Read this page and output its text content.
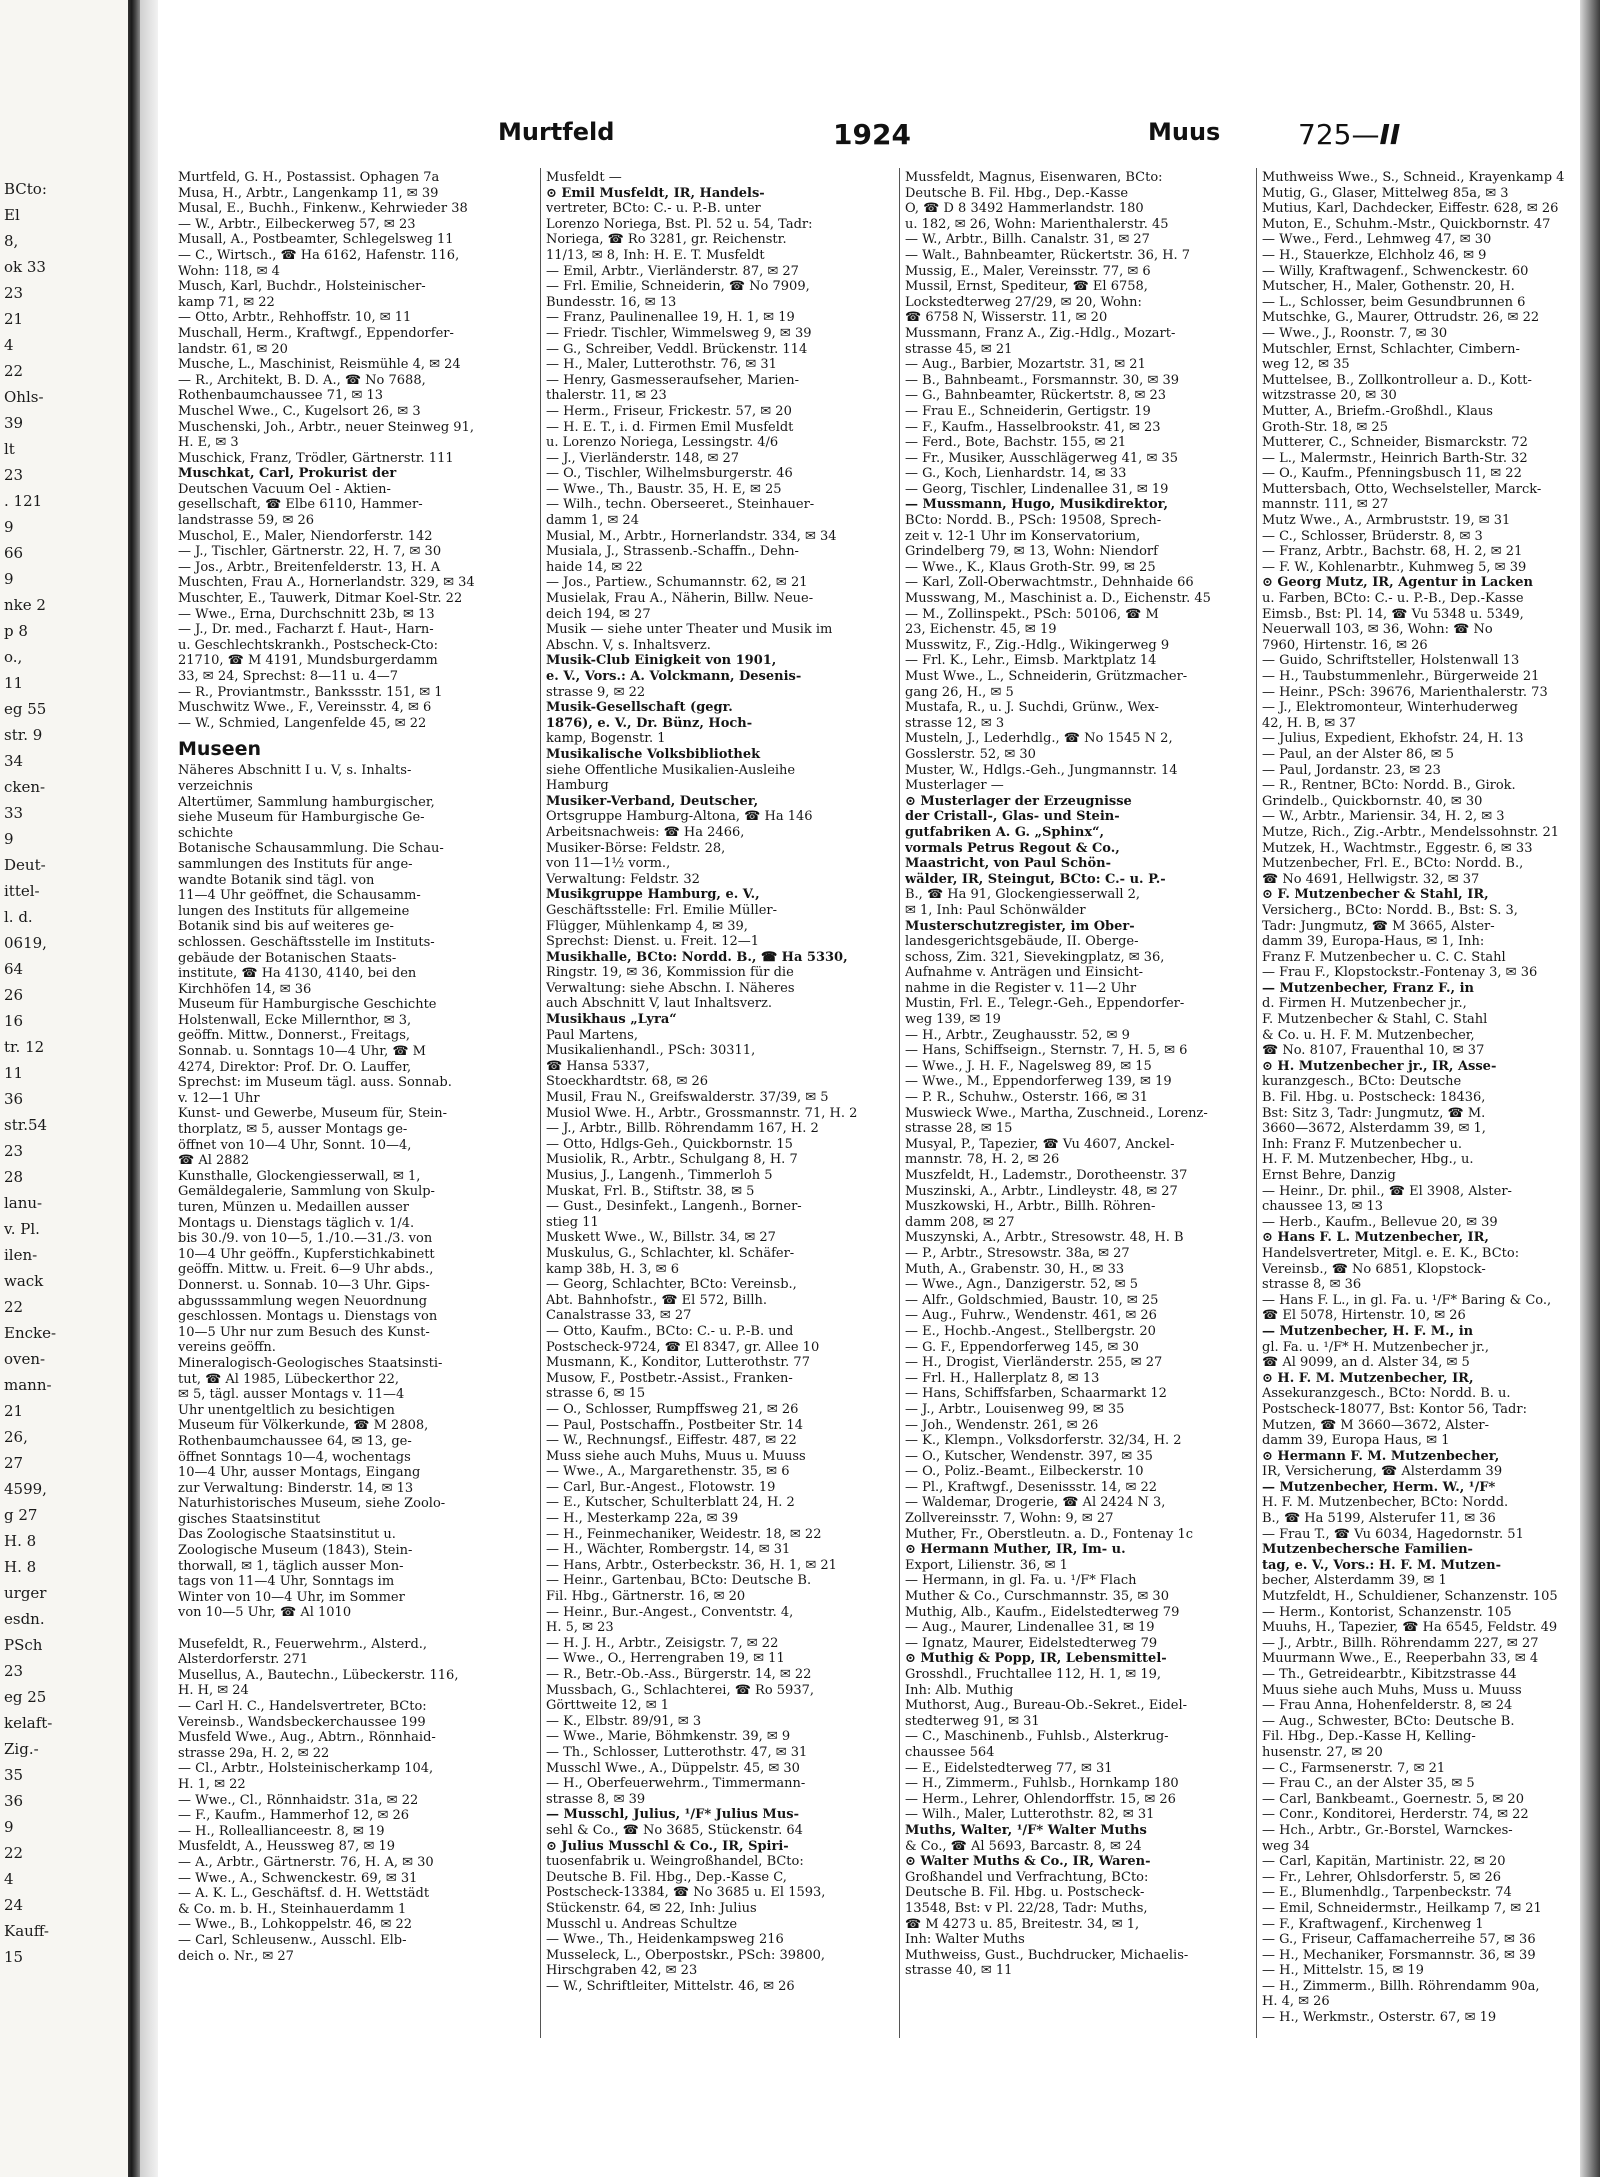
BCto:
El
8,
ok 33
23
21
4
22
Ohls-
39
lt
23
. 121
9
66
9
nke 2
p 8
o.,
11
eg 55
str. 9
34
cken-
33
9
Deut-
ittel-
l. d.
0619,
64
26
16
tr. 12
11
36
str.54
23
28
lanu-
v. Pl.
ilen-
wack
22
Encke-
oven-
mann-
21
26,
27
4599,
g 27
H. 8
H. 8
urger
esdn.
PSch
23
eg 25
kelaft-
Zig.-
35
36
9
22
4
24
Kauff-
15
Murtfeld	1924	Muus	725—II
Murtfeld, G. H., Postassist. Ophagen 7a
Musa, H., Arbtr., Langenkamp 11, ✉ 39
Musal, E., Buchh., Finkenw., Kehrwieder 38
— W., Arbtr., Eilbeckerweg 57, ✉ 23
Musall, A., Postbeamter, Schlegelsweg 11
— C., Wirtsch., ☎ Ha 6162, Hafenstr. 116,
Wohn: 118, ✉ 4
Musch, Karl, Buchdr., Holsteinischer-
kamp 71, ✉ 22
— Otto, Arbtr., Rehhoffstr. 10, ✉ 11
Muschall, Herm., Kraftwgf., Eppendorfer-
landstr. 61, ✉ 20
Musche, L., Maschinist, Reismühle 4, ✉ 24
— R., Architekt, B. D. A., ☎ No 7688,
Rothenbaumchaussee 71, ✉ 13
Muschel Wwe., C., Kugelsort 26, ✉ 3
Muschenski, Joh., Arbtr., neuer Steinweg 91,
H. E, ✉ 3
Muschick, Franz, Trödler, Gärtnerstr. 111
Muschkat, Carl, Prokurist der
Deutschen Vacuum Oel - Aktien-
gesellschaft, ☎ Elbe 6110, Hammer-
landstrasse 59, ✉ 26
Muschol, E., Maler, Niendorferstr. 142
— J., Tischler, Gärtnerstr. 22, H. 7, ✉ 30
— Jos., Arbtr., Breitenfelderstr. 13, H. A
Muschten, Frau A., Hornerlandstr. 329, ✉ 34
Muschter, E., Tauwerk, Ditmar Koel-Str. 22
— Wwe., Erna, Durchschnitt 23b, ✉ 13
— J., Dr. med., Facharzt f. Haut-, Harn-
u. Geschlechtskrankh., Postscheck-Cto:
21710, ☎ M 4191, Mundsburgerdamm
33, ✉ 24, Sprechst: 8—11 u. 4—7
— R., Proviantmstr., Bankssstr. 151, ✉ 1
Muschwitz Wwe., F., Vereinsstr. 4, ✉ 6
— W., Schmied, Langenfelde 45, ✉ 22
Museen
Näheres Abschnitt I u. V, s. Inhalts-
verzeichnis
Altertümer, Sammlung hamburgischer,
siehe Museum für Hamburgische Ge-
schichte
Botanische Schausammlung. Die Schau-
sammlungen des Instituts für ange-
wandte Botanik sind tägl. von
11—4 Uhr geöffnet, die Schausamm-
lungen des Instituts für allgemeine
Botanik sind bis auf weiteres ge-
schlossen. Geschäftsstelle im Instituts-
gebäude der Botanischen Staats-
institute, ☎ Ha 4130, 4140, bei den
Kirchhöfen 14, ✉ 36
Museum für Hamburgische Geschichte
Holstenwall, Ecke Millernthor, ✉ 3,
geöffn. Mittw., Donnerst., Freitags,
Sonnab. u. Sonntags 10—4 Uhr, ☎ M
4274, Direktor: Prof. Dr. O. Lauffer,
Sprechst: im Museum tägl. auss. Sonnab.
v. 12—1 Uhr
Kunst- und Gewerbe, Museum für, Stein-
thorplatz, ✉ 5, ausser Montags ge-
öffnet von 10—4 Uhr, Sonnt. 10—4,
☎ Al 2882
Kunsthalle, Glockengiesserwall, ✉ 1,
Gemäldegalerie, Sammlung von Skulp-
turen, Münzen u. Medaillen ausser
Montags u. Dienstags täglich v. 1/4.
bis 30./9. von 10—5, 1./10.—31./3. von
10—4 Uhr geöffn., Kupferstichkabinett
geöffn. Mittw. u. Freit. 6—9 Uhr abds.,
Donnerst. u. Sonnab. 10—3 Uhr. Gips-
abgusssammlung wegen Neuordnung
geschlossen. Montags u. Dienstags von
10—5 Uhr nur zum Besuch des Kunst-
vereins geöffn.
Mineralogisch-Geologisches Staatsinsti-
tut, ☎ Al 1985, Lübeckerthor 22,
✉ 5, tägl. ausser Montags v. 11—4
Uhr unentgeltlich zu besichtigen
Museum für Völkerkunde, ☎ M 2808,
Rothenbaumchaussee 64, ✉ 13, ge-
öffnet Sonntags 10—4, wochentags
10—4 Uhr, ausser Montags, Eingang
zur Verwaltung: Binderstr. 14, ✉ 13
Naturhistorisches Museum, siehe Zoolo-
gisches Staatsinstitut
Das Zoologische Staatsinstitut u.
Zoologische Museum (1843), Stein-
thorwall, ✉ 1, täglich ausser Mon-
tags von 11—4 Uhr, Sonntags im
Winter von 10—4 Uhr, im Sommer
von 10—5 Uhr, ☎ Al 1010
Musefeldt, R., Feuerwehrm., Alsterd.,
Alsterdorferstr. 271
Musellus, A., Bautechn., Lübeckerstr. 116,
H. H, ✉ 24
— Carl H. C., Handelsvertreter, BCto:
Vereinsb., Wandsbeckerchaussee 199
Musfeld Wwe., Aug., Abtrn., Rönnhaid-
strasse 29a, H. 2, ✉ 22
— Cl., Arbtr., Holsteinischerkamp 104,
H. 1, ✉ 22
— Wwe., Cl., Rönnhaidstr. 31a, ✉ 22
— F., Kaufm., Hammerhof 12, ✉ 26
— H., Rolleallianceestr. 8, ✉ 19
Musfeldt, A., Heussweg 87, ✉ 19
— A., Arbtr., Gärtnerstr. 76, H. A, ✉ 30
— Wwe., A., Schwenckestr. 69, ✉ 31
— A. K. L., Geschäftsf. d. H. Wettstädt
& Co. m. b. H., Steinhauerdamm 1
— Wwe., B., Lohkoppelstr. 46, ✉ 22
— Carl, Schleusenw., Ausschl. Elb-
deich o. Nr., ✉ 27
Musfeldt —
⊙ Emil Musfeldt, IR, Handels-
vertreter, BCto: C.- u. P.-B. unter
Lorenzo Noriega, Bst. Pl. 52 u. 54, Tadr:
Noriega, ☎ Ro 3281, gr. Reichenstr.
11/13, ✉ 8, Inh: H. E. T. Musfeldt
— Emil, Arbtr., Vierländerstr. 87, ✉ 27
— Frl. Emilie, Schneiderin, ☎ No 7909,
Bundesstr. 16, ✉ 13
— Franz, Paulinenallee 19, H. 1, ✉ 19
— Friedr. Tischler, Wimmelsweg 9, ✉ 39
— G., Schreiber, Veddl. Brückenstr. 114
— H., Maler, Lutterothstr. 76, ✉ 31
— Henry, Gasmesseraufseher, Marien-
thalerstr. 11, ✉ 23
— Herm., Friseur, Frickestr. 57, ✉ 20
— H. E. T., i. d. Firmen Emil Musfeldt
u. Lorenzo Noriega, Lessingstr. 4/6
— J., Vierländerstr. 148, ✉ 27
— O., Tischler, Wilhelmsburgerstr. 46
— Wwe., Th., Baustr. 35, H. E, ✉ 25
— Wilh., techn. Oberseeret., Steinhauer-
damm 1, ✉ 24
Musial, M., Arbtr., Hornerlandstr. 334, ✉ 34
Musiala, J., Strassenb.-Schaffn., Dehn-
haide 14, ✉ 22
— Jos., Partiew., Schumannstr. 62, ✉ 21
Musielak, Frau A., Näherin, Billw. Neue-
deich 194, ✉ 27
Musik — siehe unter Theater und Musik im
Abschn. V, s. Inhaltsverz.
Musik-Club Einigkeit von 1901,
e. V., Vors.: A. Volckmann, Desenis-
strasse 9, ✉ 22
Musik-Gesellschaft (gegr.
1876), e. V., Dr. Bünz, Hoch-
kamp, Bogenstr. 1
Musikalische Volksbibliothek
siehe Öffentliche Musikalien-Ausleihe
Hamburg
Musiker-Verband, Deutscher,
Ortsgruppe Hamburg-Altona, ☎ Ha 146
Arbeitsnachweis: ☎ Ha 2466,
Musiker-Börse: Feldstr. 28,
von 11—1½ vorm.,
Verwaltung: Feldstr. 32
Musikgruppe Hamburg, e. V.,
Geschäftsstelle: Frl. Emilie Müller-
Flügger, Mühlenkamp 4, ✉ 39,
Sprechst: Dienst. u. Freit. 12—1
Musikhalle, BCto: Nordd. B., ☎ Ha 5330,
Ringstr. 19, ✉ 36, Kommission für die
Verwaltung: siehe Abschn. I. Näheres
auch Abschnitt V, laut Inhaltsverz.
Musikhaus „Lyra“
Paul Martens,
Musikalienhandl., PSch: 30311,
☎ Hansa 5337,
Stoeckhardtstr. 68, ✉ 26
Musil, Frau N., Greifswalderstr. 37/39, ✉ 5
Musiol Wwe. H., Arbtr., Grossmannstr. 71, H. 2
— J., Arbtr., Billb. Röhrendamm 167, H. 2
— Otto, Hdlgs-Geh., Quickbornstr. 15
Musiolik, R., Arbtr., Schulgang 8, H. 7
Musius, J., Langenh., Timmerloh 5
Muskat, Frl. B., Stiftstr. 38, ✉ 5
— Gust., Desinfekt., Langenh., Borner-
stieg 11
Muskett Wwe., W., Billstr. 34, ✉ 27
Muskulus, G., Schlachter, kl. Schäfer-
kamp 38b, H. 3, ✉ 6
— Georg, Schlachter, BCto: Vereinsb.,
Abt. Bahnhofstr., ☎ El 572, Billh.
Canalstrasse 33, ✉ 27
— Otto, Kaufm., BCto: C.- u. P.-B. und
Postscheck-9724, ☎ El 8347, gr. Allee 10
Musmann, K., Konditor, Lutterothstr. 77
Musow, F., Postbetr.-Assist., Franken-
strasse 6, ✉ 15
— O., Schlosser, Rumpffsweg 21, ✉ 26
— Paul, Postschaffn., Postbeiter Str. 14
— W., Rechnungsf., Eiffestr. 487, ✉ 22
Muss siehe auch Muhs, Muus u. Muuss
— Wwe., A., Margarethenstr. 35, ✉ 6
— Carl, Bur.-Angest., Flotowstr. 19
— E., Kutscher, Schulterblatt 24, H. 2
— H., Mesterkamp 22a, ✉ 39
— H., Feinmechaniker, Weidestr. 18, ✉ 22
— H., Wächter, Rombergstr. 14, ✉ 31
— Hans, Arbtr., Osterbeckstr. 36, H. 1, ✉ 21
— Heinr., Gartenbau, BCto: Deutsche B.
Fil. Hbg., Gärtnerstr. 16, ✉ 20
— Heinr., Bur.-Angest., Conventstr. 4,
H. 5, ✉ 23
— H. J. H., Arbtr., Zeisigstr. 7, ✉ 22
— Wwe., O., Herrengraben 19, ✉ 11
— R., Betr.-Ob.-Ass., Bürgerstr. 14, ✉ 22
Mussbach, G., Schlachterei, ☎ Ro 5937,
Görttweite 12, ✉ 1
— K., Elbstr. 89/91, ✉ 3
— Wwe., Marie, Böhmkenstr. 39, ✉ 9
— Th., Schlosser, Lutterothstr. 47, ✉ 31
Musschl Wwe., A., Düppelstr. 45, ✉ 30
— H., Oberfeuerwehrm., Timmermann-
strasse 8, ✉ 39
— Musschl, Julius, ¹/F* Julius Mus-
sehl & Co., ☎ No 3685, Stückenstr. 64
⊙ Julius Musschl & Co., IR, Spiri-
tuosenfabrik u. Weingroßhandel, BCto:
Deutsche B. Fil. Hbg., Dep.-Kasse C,
Postscheck-13384, ☎ No 3685 u. El 1593,
Stückenstr. 64, ✉ 22, Inh: Julius
Musschl u. Andreas Schultze
— Wwe., Th., Heidenkampsweg 216
Musseleck, L., Oberpostskr., PSch: 39800,
Hirschgraben 42, ✉ 23
— W., Schriftleiter, Mittelstr. 46, ✉ 26
Mussfeldt, Magnus, Eisenwaren, BCto:
Deutsche B. Fil. Hbg., Dep.-Kasse
O, ☎ D 8 3492 Hammerlandstr. 180
u. 182, ✉ 26, Wohn: Marienthalerstr. 45
— W., Arbtr., Billh. Canalstr. 31, ✉ 27
— Walt., Bahnbeamter, Rückertstr. 36, H. 7
Mussig, E., Maler, Vereinsstr. 77, ✉ 6
Mussil, Ernst, Spediteur, ☎ El 6758,
Lockstedterweg 27/29, ✉ 20, Wohn:
☎ 6758 N, Wisserstr. 11, ✉ 20
Mussmann, Franz A., Zig.-Hdlg., Mozart-
strasse 45, ✉ 21
— Aug., Barbier, Mozartstr. 31, ✉ 21
— B., Bahnbeamt., Forsmannstr. 30, ✉ 39
— G., Bahnbeamter, Rückertstr. 8, ✉ 23
— Frau E., Schneiderin, Gertigstr. 19
— F., Kaufm., Hasselbrookstr. 41, ✉ 23
— Ferd., Bote, Bachstr. 155, ✉ 21
— Fr., Musiker, Ausschlägerweg 41, ✉ 35
— G., Koch, Lienhardstr. 14, ✉ 33
— Georg, Tischler, Lindenallee 31, ✉ 19
— Mussmann, Hugo, Musikdirektor,
BCto: Nordd. B., PSch: 19508, Sprech-
zeit v. 12-1 Uhr im Konservatorium,
Grindelberg 79, ✉ 13, Wohn: Niendorf
— Wwe., K., Klaus Groth-Str. 99, ✉ 25
— Karl, Zoll-Oberwachtmstr., Dehnhaide 66
Musswang, M., Maschinist a. D., Eichenstr. 45
— M., Zollinspekt., PSch: 50106, ☎ M
23, Eichenstr. 45, ✉ 19
Musswitz, F., Zig.-Hdlg., Wikingerweg 9
— Frl. K., Lehr., Eimsb. Marktplatz 14
Must Wwe., L., Schneiderin, Grützmacher-
gang 26, H., ✉ 5
Mustafa, R., u. J. Suchdi, Grünw., Wex-
strasse 12, ✉ 3
Musteln, J., Lederhdlg., ☎ No 1545 N 2,
Gosslerstr. 52, ✉ 30
Muster, W., Hdlgs.-Geh., Jungmannstr. 14
Musterlager —
⊙ Musterlager der Erzeugnisse
der Cristall-, Glas- und Stein-
gutfabriken A. G. „Sphinx“,
vormals Petrus Regout & Co.,
Maastricht, von Paul Schön-
wälder, IR, Steingut, BCto: C.- u. P.-
B., ☎ Ha 91, Glockengiesserwall 2,
✉ 1, Inh: Paul Schönwälder
Musterschutzregister, im Ober-
landesgerichtsgebäude, II. Oberge-
schoss, Zim. 321, Sievekingplatz, ✉ 36,
Aufnahme v. Anträgen und Einsicht-
nahme in die Register v. 11—2 Uhr
Mustin, Frl. E., Telegr.-Geh., Eppendorfer-
weg 139, ✉ 19
— H., Arbtr., Zeughausstr. 52, ✉ 9
— Hans, Schiffseign., Sternstr. 7, H. 5, ✉ 6
— Wwe., J. H. F., Nagelsweg 89, ✉ 15
— Wwe., M., Eppendorferweg 139, ✉ 19
— P. R., Schuhw., Osterstr. 166, ✉ 31
Muswieck Wwe., Martha, Zuschneid., Lorenz-
strasse 28, ✉ 15
Musyal, P., Tapezier, ☎ Vu 4607, Anckel-
mannstr. 78, H. 2, ✉ 26
Muszfeldt, H., Lademstr., Dorotheenstr. 37
Muszinski, A., Arbtr., Lindleystr. 48, ✉ 27
Muszkowski, H., Arbtr., Billh. Röhren-
damm 208, ✉ 27
Muszynski, A., Arbtr., Stresowstr. 48, H. B
— P., Arbtr., Stresowstr. 38a, ✉ 27
Muth, A., Grabenstr. 30, H., ✉ 33
— Wwe., Agn., Danzigerstr. 52, ✉ 5
— Alfr., Goldschmied, Baustr. 10, ✉ 25
— Aug., Fuhrw., Wendenstr. 461, ✉ 26
— E., Hochb.-Angest., Stellbergstr. 20
— G. F., Eppendorferweg 145, ✉ 30
— H., Drogist, Vierländerstr. 255, ✉ 27
— Frl. H., Hallerplatz 8, ✉ 13
— Hans, Schiffsfarben, Schaarmarkt 12
— J., Arbtr., Louisenweg 99, ✉ 35
— Joh., Wendenstr. 261, ✉ 26
— K., Klempn., Volksdorferstr. 32/34, H. 2
— O., Kutscher, Wendenstr. 397, ✉ 35
— O., Poliz.-Beamt., Eilbeckerstr. 10
— Pl., Kraftwgf., Desenissstr. 14, ✉ 22
— Waldemar, Drogerie, ☎ Al 2424 N 3,
Zollvereinsstr. 7, Wohn: 9, ✉ 27
Muther, Fr., Oberstleutn. a. D., Fontenay 1c
⊙ Hermann Muther, IR, Im- u.
Export, Lilienstr. 36, ✉ 1
— Hermann, in gl. Fa. u. ¹/F* Flach
Muther & Co., Curschmannstr. 35, ✉ 30
Muthig, Alb., Kaufm., Eidelstedterweg 79
— Aug., Maurer, Lindenallee 31, ✉ 19
— Ignatz, Maurer, Eidelstedterweg 79
⊙ Muthig & Popp, IR, Lebensmittel-
Grosshdl., Fruchtallee 112, H. 1, ✉ 19,
Inh: Alb. Muthig
Muthorst, Aug., Bureau-Ob.-Sekret., Eidel-
stedterweg 91, ✉ 31
— C., Maschinenb., Fuhlsb., Alsterkrug-
chaussee 564
— E., Eidelstedterweg 77, ✉ 31
— H., Zimmerm., Fuhlsb., Hornkamp 180
— Herm., Lehrer, Ohlendorffstr. 15, ✉ 26
— Wilh., Maler, Lutterothstr. 82, ✉ 31
Muths, Walter, ¹/F* Walter Muths
& Co., ☎ Al 5693, Barcastr. 8, ✉ 24
⊙ Walter Muths & Co., IR, Waren-
Großhandel und Verfrachtung, BCto:
Deutsche B. Fil. Hbg. u. Postscheck-
13548, Bst: v Pl. 22/28, Tadr: Muths,
☎ M 4273 u. 85, Breitestr. 34, ✉ 1,
Inh: Walter Muths
Muthweiss, Gust., Buchdrucker, Michaelis-
strasse 40, ✉ 11
Muthweiss Wwe., S., Schneid., Krayenkamp 4
Mutig, G., Glaser, Mittelweg 85a, ✉ 3
Mutius, Karl, Dachdecker, Eiffestr. 628, ✉ 26
Muton, E., Schuhm.-Mstr., Quickbornstr. 47
— Wwe., Ferd., Lehmweg 47, ✉ 30
— H., Stauerkze, Elchholz 46, ✉ 9
— Willy, Kraftwagenf., Schwenckestr. 60
Mutscher, H., Maler, Gothenstr. 20, H.
— L., Schlosser, beim Gesundbrunnen 6
Mutschke, G., Maurer, Ottrudstr. 26, ✉ 22
— Wwe., J., Roonstr. 7, ✉ 30
Mutschler, Ernst, Schlachter, Cimbern-
weg 12, ✉ 35
Muttelsee, B., Zollkontrolleur a. D., Kott-
witzstrasse 20, ✉ 30
Mutter, A., Briefm.-Großhdl., Klaus
Groth-Str. 18, ✉ 25
Mutterer, C., Schneider, Bismarckstr. 72
— L., Malermstr., Heinrich Barth-Str. 32
— O., Kaufm., Pfenningsbusch 11, ✉ 22
Muttersbach, Otto, Wechselsteller, Marck-
mannstr. 111, ✉ 27
Mutz Wwe., A., Armbruststr. 19, ✉ 31
— C., Schlosser, Brüderstr. 8, ✉ 3
— Franz, Arbtr., Bachstr. 68, H. 2, ✉ 21
— F. W., Kohlenarbtr., Kuhmweg 5, ✉ 39
⊙ Georg Mutz, IR, Agentur in Lacken
u. Farben, BCto: C.- u. P.-B., Dep.-Kasse
Eimsb., Bst: Pl. 14, ☎ Vu 5348 u. 5349,
Neuerwall 103, ✉ 36, Wohn: ☎ No
7960, Hirtenstr. 16, ✉ 26
— Guido, Schriftsteller, Holstenwall 13
— H., Taubstummenlehr., Bürgerweide 21
— Heinr., PSch: 39676, Marienthalerstr. 73
— J., Elektromonteur, Winterhuderweg
42, H. B, ✉ 37
— Julius, Expedient, Ekhofstr. 24, H. 13
— Paul, an der Alster 86, ✉ 5
— Paul, Jordanstr. 23, ✉ 23
— R., Rentner, BCto: Nordd. B., Girok.
Grindelb., Quickbornstr. 40, ✉ 30
— W., Arbtr., Mariensir. 34, H. 2, ✉ 3
Mutze, Rich., Zig.-Arbtr., Mendelssohnstr. 21
Mutzek, H., Wachtmstr., Eggestr. 6, ✉ 33
Mutzenbecher, Frl. E., BCto: Nordd. B.,
☎ No 4691, Hellwigstr. 32, ✉ 37
⊙ F. Mutzenbecher & Stahl, IR,
Versicherg., BCto: Nordd. B., Bst: S. 3,
Tadr: Jungmutz, ☎ M 3665, Alster-
damm 39, Europa-Haus, ✉ 1, Inh:
Franz F. Mutzenbecher u. C. C. Stahl
— Frau F., Klopstockstr.-Fontenay 3, ✉ 36
— Mutzenbecher, Franz F., in
d. Firmen H. Mutzenbecher jr.,
F. Mutzenbecher & Stahl, C. Stahl
& Co. u. H. F. M. Mutzenbecher,
☎ No. 8107, Frauenthal 10, ✉ 37
⊙ H. Mutzenbecher jr., IR, Asse-
kuranzgesch., BCto: Deutsche
B. Fil. Hbg. u. Postscheck: 18436,
Bst: Sitz 3, Tadr: Jungmutz, ☎ M.
3660—3672, Alsterdamm 39, ✉ 1,
Inh: Franz F. Mutzenbecher u.
H. F. M. Mutzenbecher, Hbg., u.
Ernst Behre, Danzig
— Heinr., Dr. phil., ☎ El 3908, Alster-
chaussee 13, ✉ 13
— Herb., Kaufm., Bellevue 20, ✉ 39
⊙ Hans F. L. Mutzenbecher, IR,
Handelsvertreter, Mitgl. e. E. K., BCto:
Vereinsb., ☎ No 6851, Klopstock-
strasse 8, ✉ 36
— Hans F. L., in gl. Fa. u. ¹/F* Baring & Co.,
☎ El 5078, Hirtenstr. 10, ✉ 26
— Mutzenbecher, H. F. M., in
gl. Fa. u. ¹/F* H. Mutzenbecher jr.,
☎ Al 9099, an d. Alster 34, ✉ 5
⊙ H. F. M. Mutzenbecher, IR,
Assekuranzgesch., BCto: Nordd. B. u.
Postscheck-18077, Bst: Kontor 56, Tadr:
Mutzen, ☎ M 3660—3672, Alster-
damm 39, Europa Haus, ✉ 1
⊙ Hermann F. M. Mutzenbecher,
IR, Versicherung, ☎ Alsterdamm 39
— Mutzenbecher, Herm. W., ¹/F*
H. F. M. Mutzenbecher, BCto: Nordd.
B., ☎ Ha 5199, Alsterufer 11, ✉ 36
— Frau T., ☎ Vu 6034, Hagedornstr. 51
Mutzenbechersche Familien-
tag, e. V., Vors.: H. F. M. Mutzen-
becher, Alsterdamm 39, ✉ 1
Mutzfeldt, H., Schuldiener, Schanzenstr. 105
— Herm., Kontorist, Schanzenstr. 105
Muuhs, H., Tapezier, ☎ Ha 6545, Feldstr. 49
— J., Arbtr., Billh. Röhrendamm 227, ✉ 27
Muurmann Wwe., E., Reeperbahn 33, ✉ 4
— Th., Getreidearbtr., Kibitzstrasse 44
Muus siehe auch Muhs, Muss u. Muuss
— Frau Anna, Hohenfelderstr. 8, ✉ 24
— Aug., Schwester, BCto: Deutsche B.
Fil. Hbg., Dep.-Kasse H, Kelling-
husenstr. 27, ✉ 20
— C., Farmsenerstr. 7, ✉ 21
— Frau C., an der Alster 35, ✉ 5
— Carl, Bankbeamt., Goernestr. 5, ✉ 20
— Conr., Konditorei, Herderstr. 74, ✉ 22
— Hch., Arbtr., Gr.-Borstel, Warnckes-
weg 34
— Carl, Kapitän, Martinistr. 22, ✉ 20
— Fr., Lehrer, Ohlsdorferstr. 5, ✉ 26
— E., Blumenhdlg., Tarpenbeckstr. 74
— Emil, Schneidermstr., Heilkamp 7, ✉ 21
— F., Kraftwagenf., Kirchenweg 1
— G., Friseur, Caffamacherreihe 57, ✉ 36
— H., Mechaniker, Forsmannstr. 36, ✉ 39
— H., Mittelstr. 15, ✉ 19
— H., Zimmerm., Billh. Röhrendamm 90a,
H. 4, ✉ 26
— H., Werkmstr., Osterstr. 67, ✉ 19
